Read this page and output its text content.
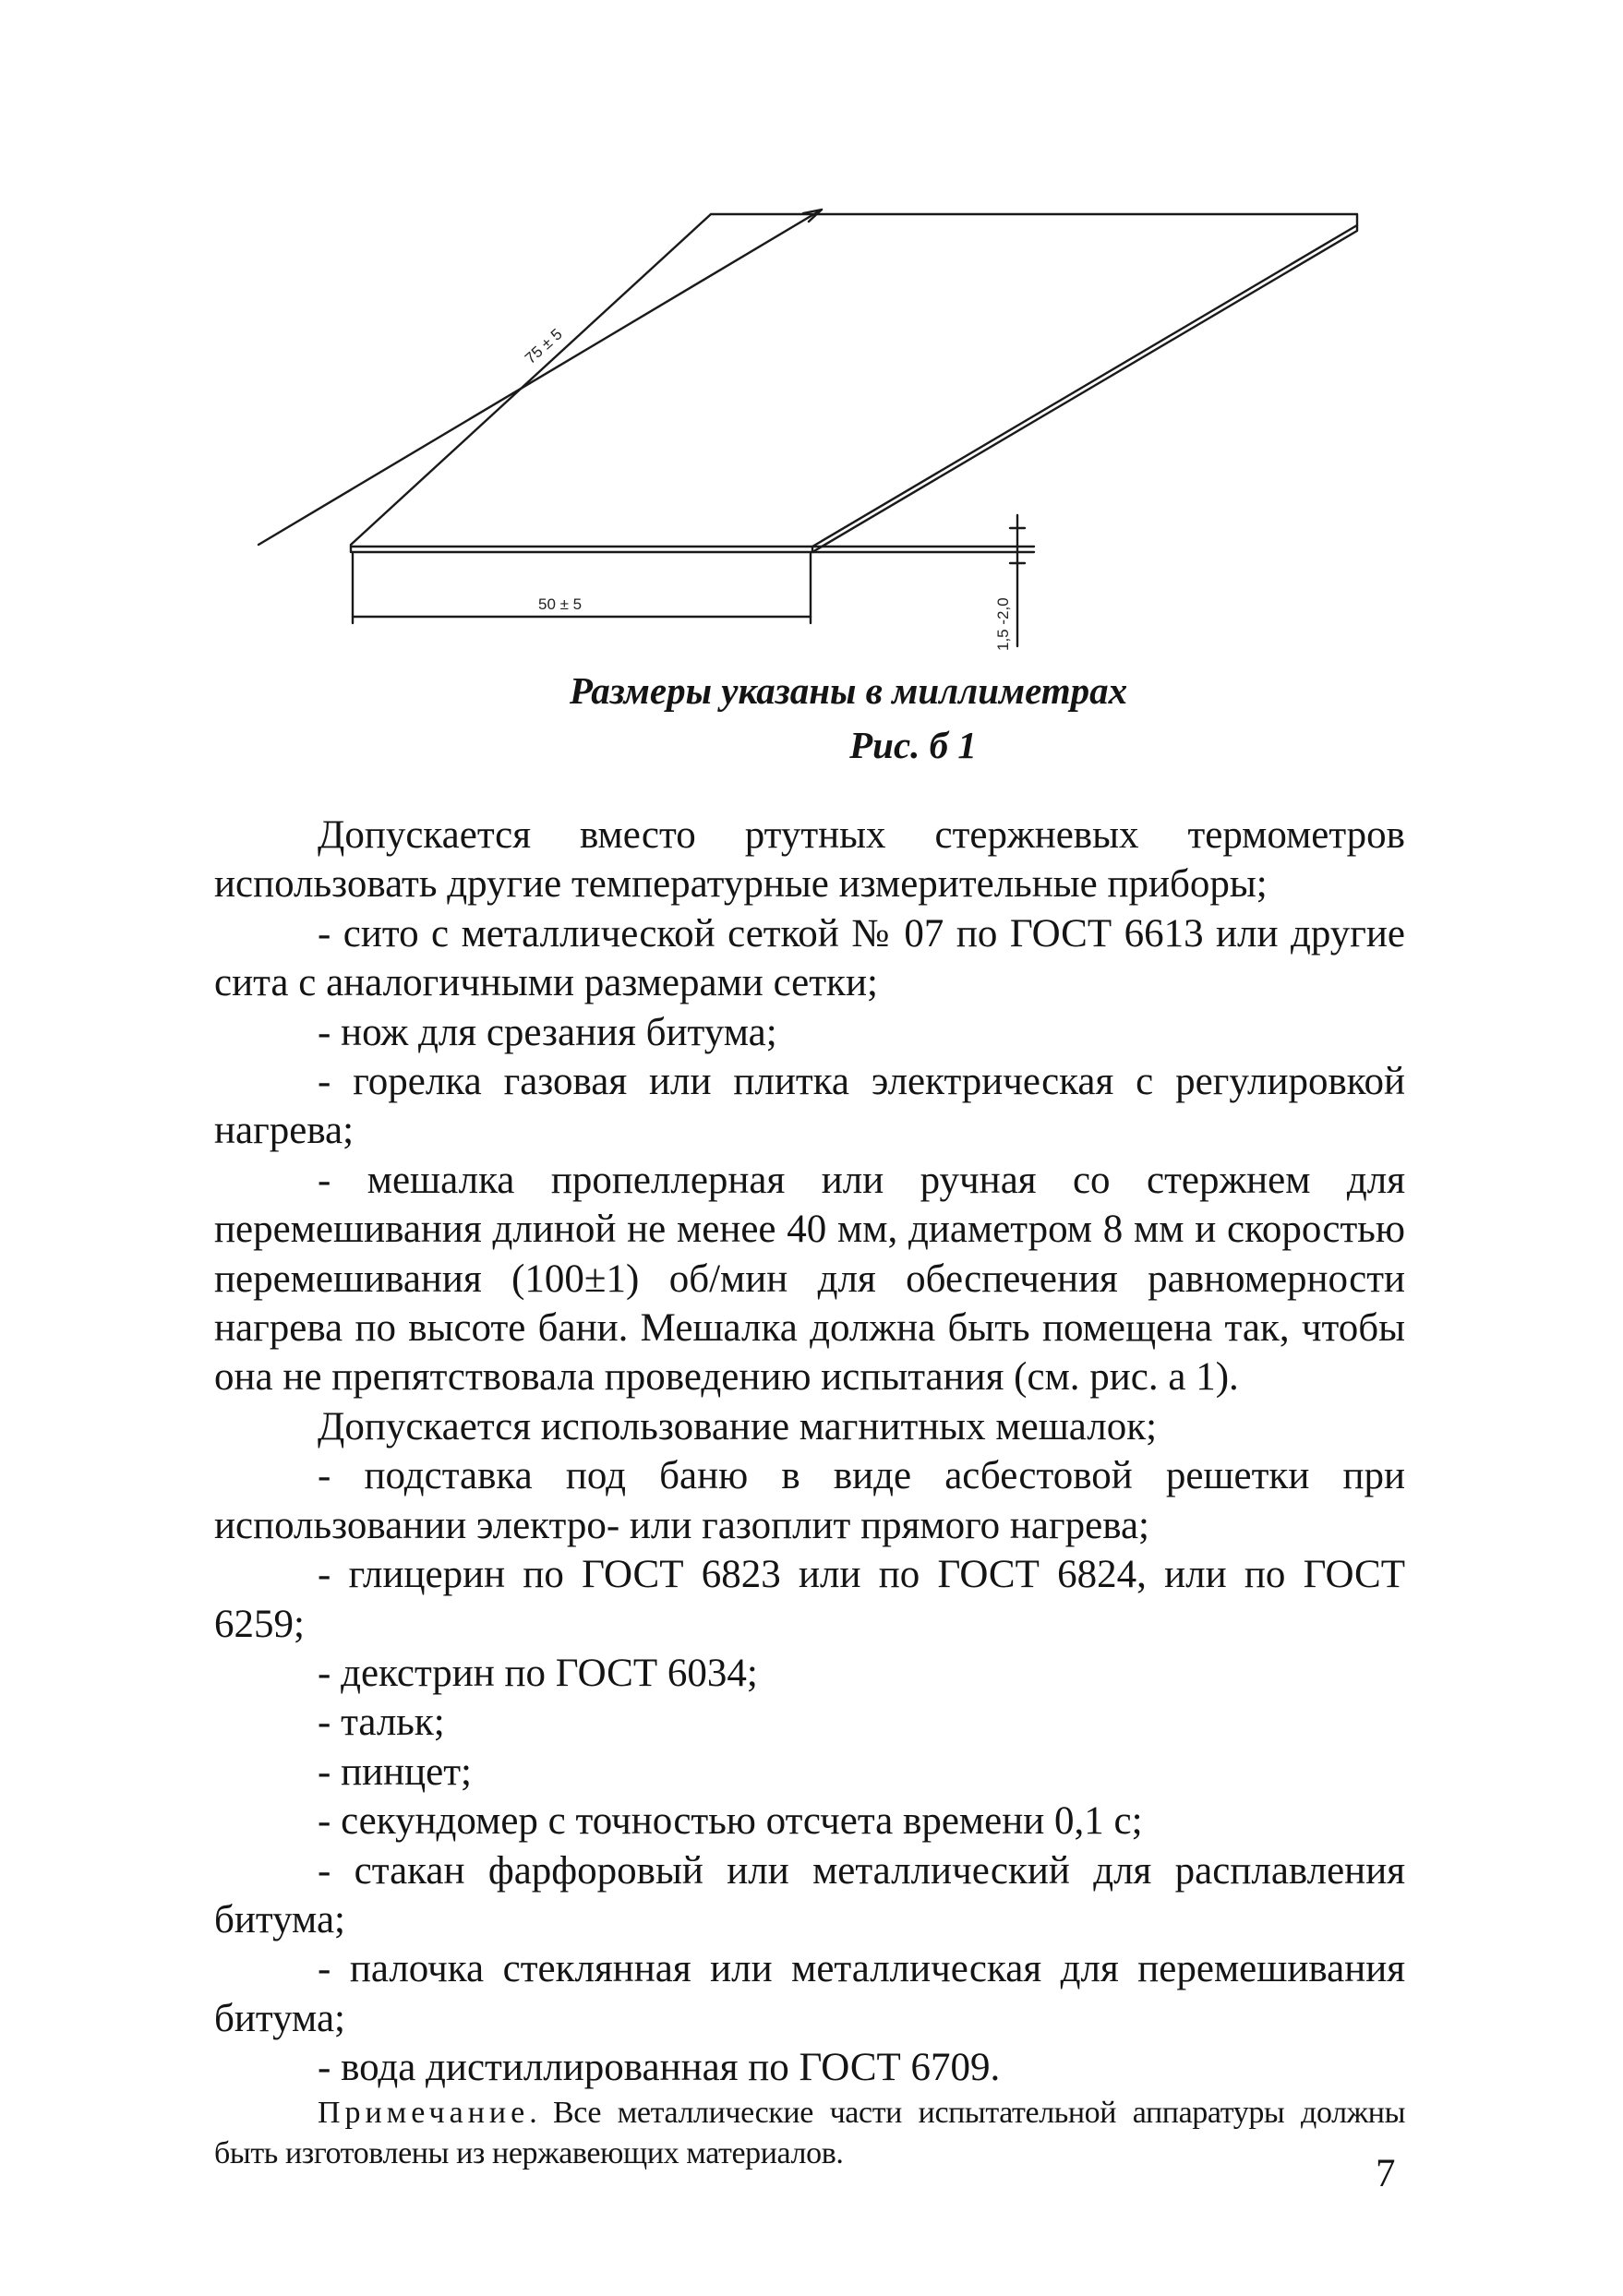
75 ± 5
50 ± 5	1,5 -2,0
Размеры указаны в миллиметрах
Рис. б 1

Допускается вместо ртутных стержневых термометров использовать другие температурные измерительные приборы;

- сито с металлической сеткой № 07 по ГОСТ 6613 или другие сита с аналогичными размерами сетки;

- нож для срезания битума;

- горелка газовая или плитка электрическая с регулировкой нагрева;

- мешалка пропеллерная или ручная со стержнем для перемешивания длиной не менее 40 мм, диаметром 8 мм и скоростью перемешивания (100±1) об/мин для обеспечения равномерности нагрева по высоте бани. Мешалка должна быть помещена так, чтобы она не препятствовала проведению испытания (см. рис. а 1).

Допускается использование магнитных мешалок;

- подставка под баню в виде асбестовой решетки при использовании электро- или газоплит прямого нагрева;

- глицерин по ГОСТ 6823 или по ГОСТ 6824, или по ГОСТ 6259;

- декстрин по ГОСТ 6034;

- тальк;

- пинцет;

- секундомер с точностью отсчета времени 0,1 с;

- стакан фарфоровый или металлический для расплавления битума;

- палочка стеклянная или металлическая для перемешивания битума;

- вода дистиллированная по ГОСТ 6709.

Примечание. Все металлические части испытательной аппаратуры должны быть изготовлены из нержавеющих материалов.	7
